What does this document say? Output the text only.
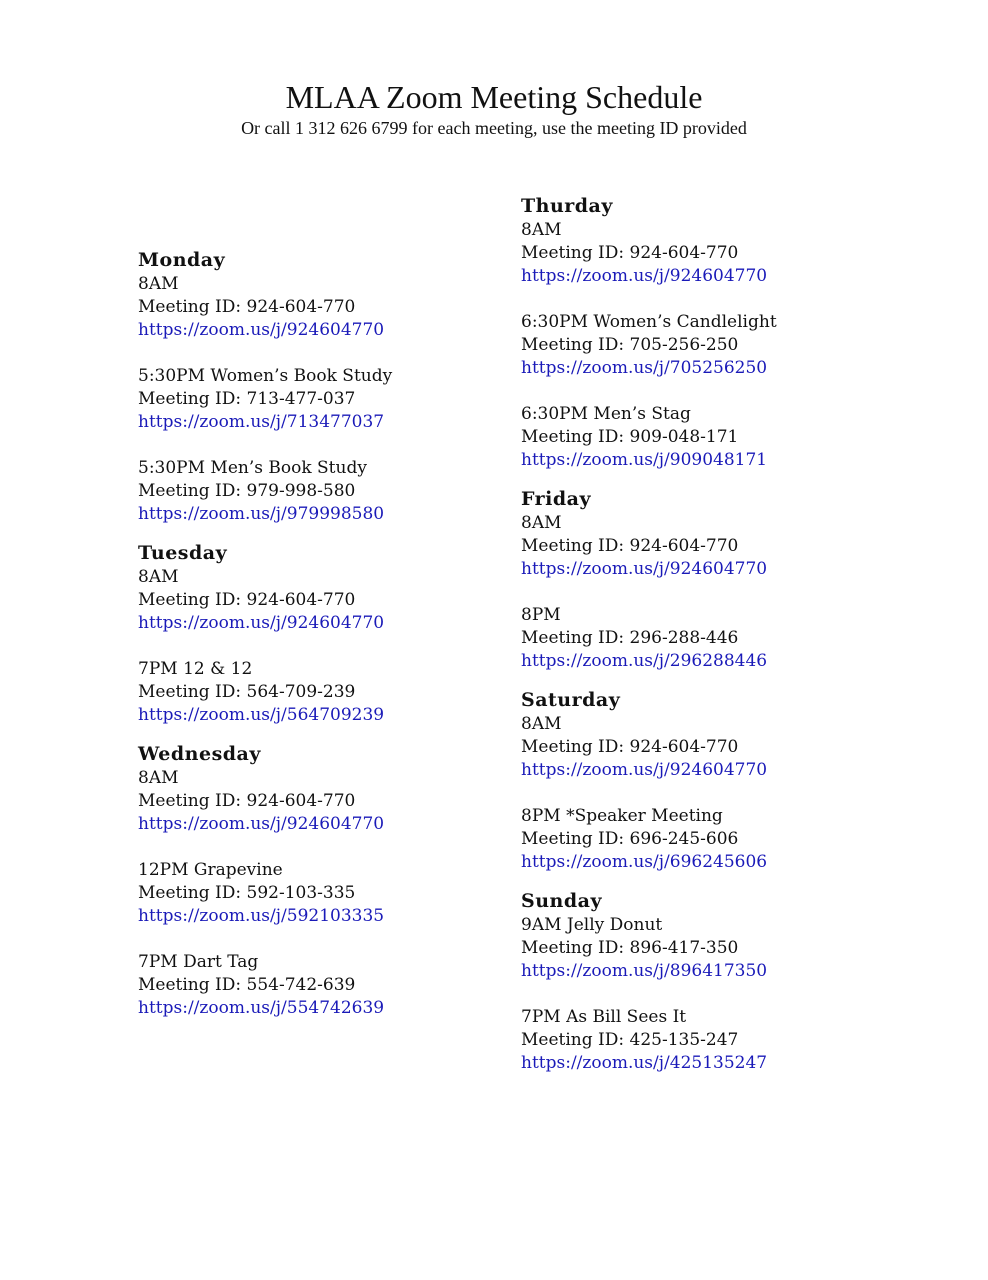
MLAA Zoom Meeting Schedule
Or call 1 312 626 6799 for each meeting, use the meeting ID provided
Monday
8AM
Meeting ID: 924-604-770
https://zoom.us/j/924604770
5:30PM Women’s Book Study
Meeting ID: 713-477-037
https://zoom.us/j/713477037
5:30PM Men’s Book Study
Meeting ID: 979-998-580
https://zoom.us/j/979998580
Tuesday
8AM
Meeting ID: 924-604-770
https://zoom.us/j/924604770
7PM 12 & 12
Meeting ID: 564-709-239
https://zoom.us/j/564709239
Wednesday
8AM
Meeting ID: 924-604-770
https://zoom.us/j/924604770
12PM Grapevine
Meeting ID: 592-103-335
https://zoom.us/j/592103335
7PM Dart Tag
Meeting ID: 554-742-639
https://zoom.us/j/554742639
Thurday
8AM
Meeting ID: 924-604-770
https://zoom.us/j/924604770
6:30PM Women’s Candlelight
Meeting ID: 705-256-250
https://zoom.us/j/705256250
6:30PM Men’s Stag
Meeting ID: 909-048-171
https://zoom.us/j/909048171
Friday
8AM
Meeting ID: 924-604-770
https://zoom.us/j/924604770
8PM
Meeting ID: 296-288-446
https://zoom.us/j/296288446
Saturday
8AM
Meeting ID: 924-604-770
https://zoom.us/j/924604770
8PM *Speaker Meeting
Meeting ID: 696-245-606
https://zoom.us/j/696245606
Sunday
9AM Jelly Donut
Meeting ID: 896-417-350
https://zoom.us/j/896417350
7PM As Bill Sees It
Meeting ID: 425-135-247
https://zoom.us/j/425135247
